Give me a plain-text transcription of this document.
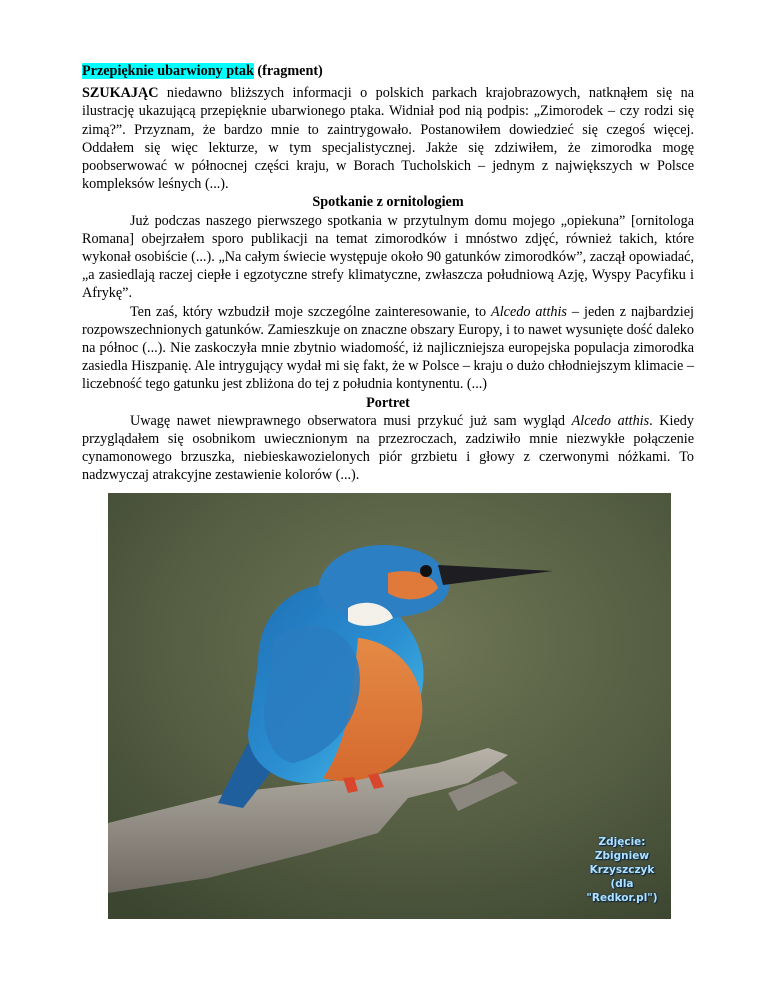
Przepięknie ubarwiony ptak (fragment)

SZUKAJĄC niedawno bliższych informacji o polskich parkach krajobrazowych, natknąłem się na ilustrację ukazującą przepięknie ubarwionego ptaka. Widniał pod nią podpis: „Zimorodek – czy rodzi się zimą?”. Przyznam, że bardzo mnie to zaintrygowało. Postanowiłem dowiedzieć się czegoś więcej. Oddałem się więc lekturze, w tym specjalistycznej. Jakże się zdziwiłem, że zimorodka mogę poobserwować w północnej części kraju, w Borach Tucholskich – jednym z największych w Polsce kompleksów leśnych (...).

Spotkanie z ornitologiem

Już podczas naszego pierwszego spotkania w przytulnym domu mojego „opiekuna” [ornitologa Romana] obejrzałem sporo publikacji na temat zimorodków i mnóstwo zdjęć, również takich, które wykonał osobiście (...). „Na całym świecie występuje około 90 gatunków zimorodków”, zaczął opowiadać, „a zasiedlają raczej ciepłe i egzotyczne strefy klimatyczne, zwłaszcza południową Azję, Wyspy Pacyfiku i Afrykę”.

Ten zaś, który wzbudził moje szczególne zainteresowanie, to Alcedo atthis – jeden z najbardziej rozpowszechnionych gatunków. Zamieszkuje on znaczne obszary Europy, i to nawet wysunięte dość daleko na północ (...). Nie zaskoczyła mnie zbytnio wiadomość, iż najliczniejsza europejska populacja zimorodka zasiedla Hiszpanię. Ale intrygujący wydał mi się fakt, że w Polsce – kraju o dużo chłodniejszym klimacie – liczebność tego gatunku jest zbliżona do tej z południa kontynentu. (...)

Portret

Uwagę nawet niewprawnego obserwatora musi przykuć już sam wygląd Alcedo atthis. Kiedy przyglądałem się osobnikom uwiecznionym na przezroczach, zadziwiło mnie niezwykłe połączenie cynamonowego brzuszka, niebieskawozielonych piór grzbietu i głowy z czerwonymi nóżkami. To nadzwyczaj atrakcyjne zestawienie kolorów (...).

Zdjęcie:
Zbigniew
Krzyszczyk
(dla
"Redkor.pl")
